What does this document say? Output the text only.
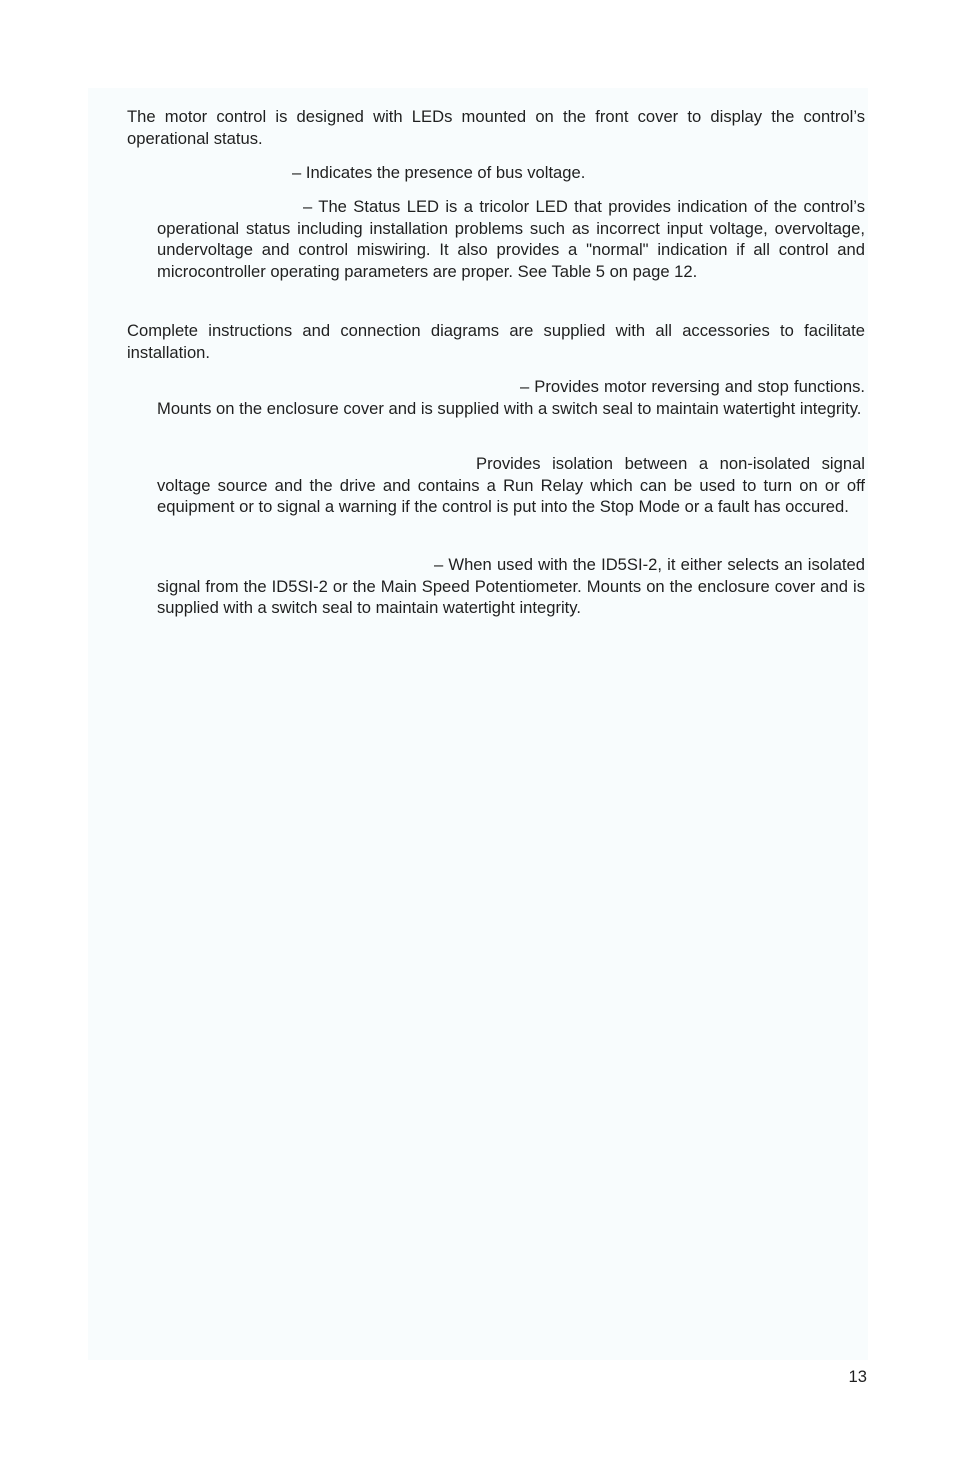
The motor control is designed with LEDs mounted on the front cover to display the control’s operational status.

– Indicates the presence of bus voltage.

– The Status LED is a tricolor LED that provides indication of the control’s operational status including installation problems such as incorrect input voltage, overvoltage, undervoltage and control miswiring. It also provides a "normal" indication if all control and microcontroller operating parameters are proper. See Table 5 on page 12.

Complete instructions and connection diagrams are supplied with all accessories to facilitate installation.

– Provides motor reversing and stop functions. Mounts on the enclosure cover and is supplied with a switch seal to maintain watertight integrity.

Provides isolation between a non-isolated signal voltage source and the drive and contains a Run Relay which can be used to turn on or off equipment or to signal a warning if the control is put into the Stop Mode or a fault has occured.

– When used with the ID5SI-2, it either selects an isolated signal from the ID5SI-2 or the Main Speed Potentiometer. Mounts on the enclosure cover and is supplied with a switch seal to maintain watertight integrity.

13
